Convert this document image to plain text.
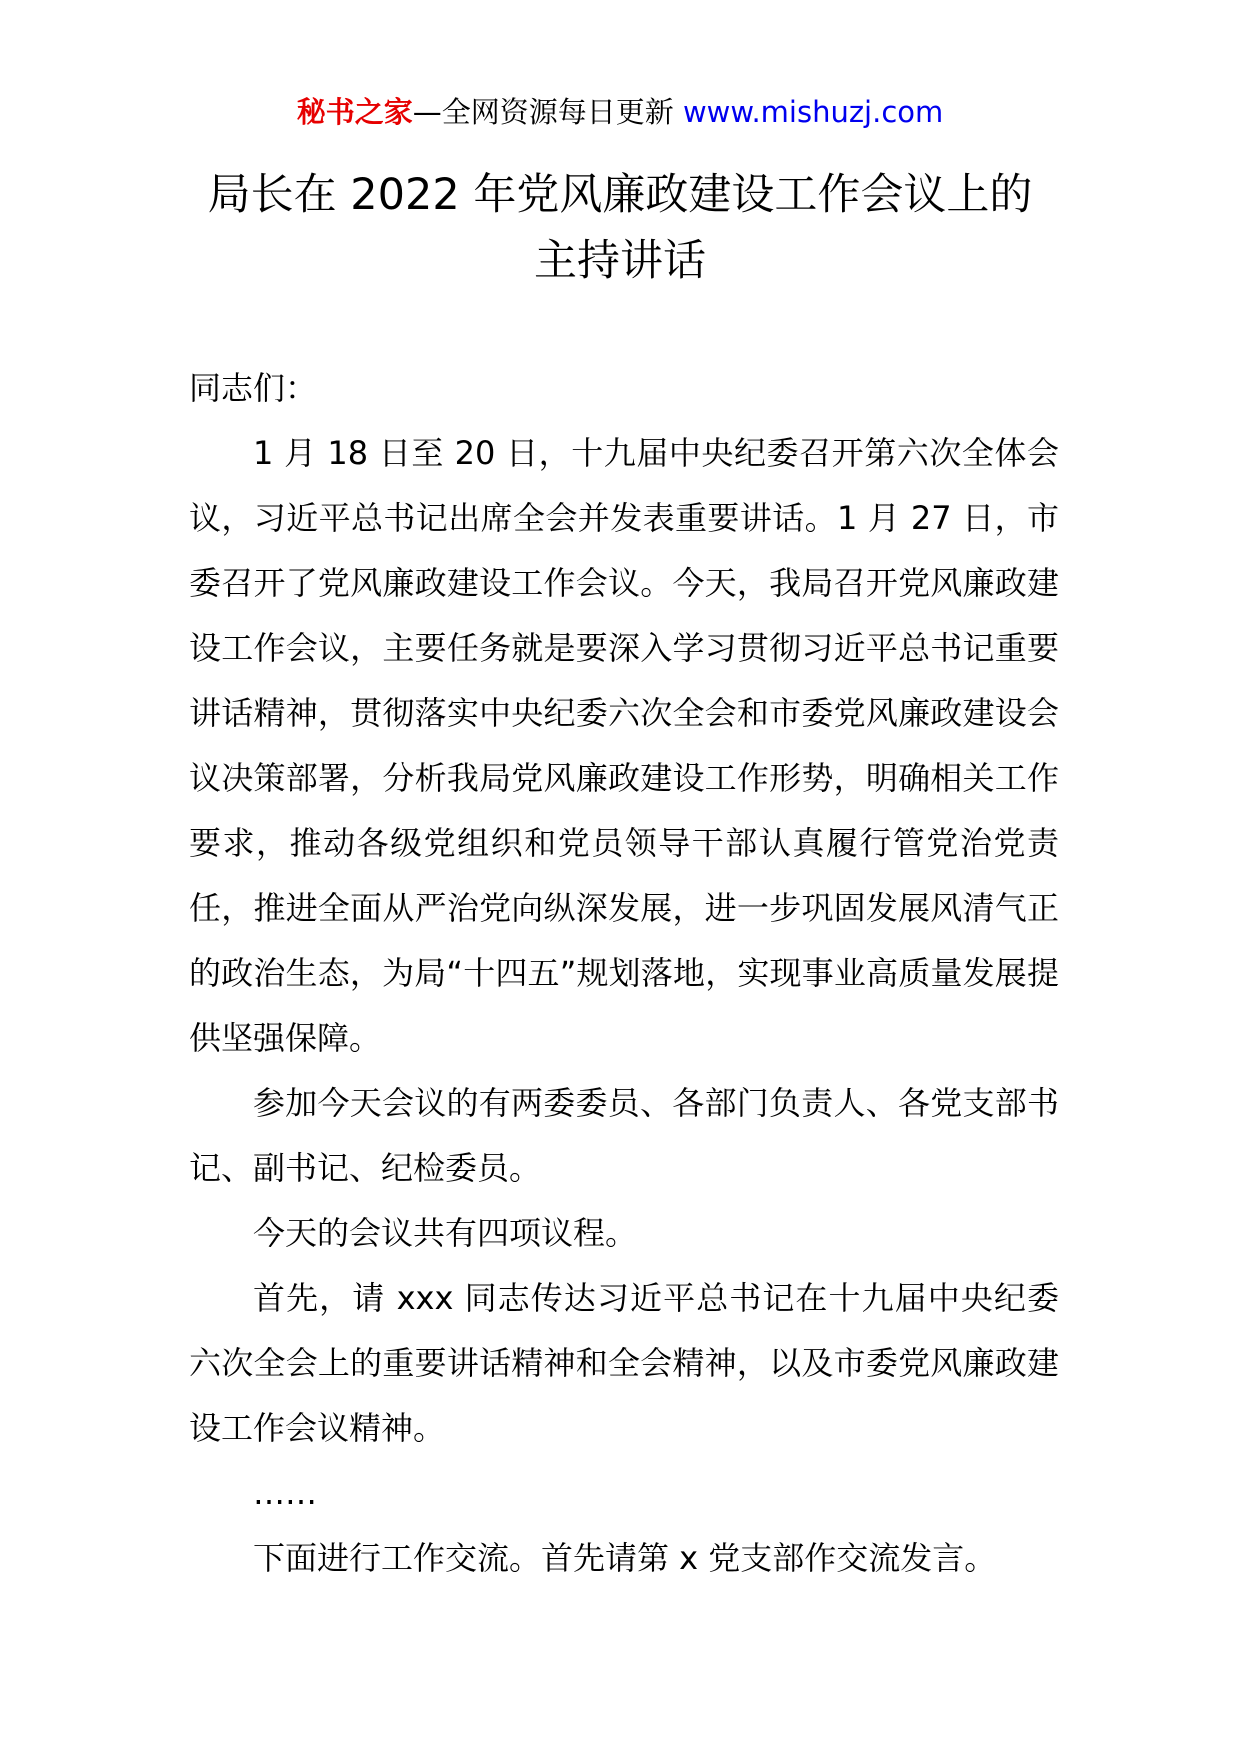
秘书之家—全网资源每日更新 www.mishuzj.com
局长在 2022 年党风廉政建设工作会议上的
主持讲话

同志们：

1 月 18 日至 20 日，十九届中央纪委召开第六次全体会议，习近平总书记出席全会并发表重要讲话。1 月 27 日，市委召开了党风廉政建设工作会议。今天，我局召开党风廉政建设工作会议，主要任务就是要深入学习贯彻习近平总书记重要讲话精神，贯彻落实中央纪委六次全会和市委党风廉政建设会议决策部署，分析我局党风廉政建设工作形势，明确相关工作要求，推动各级党组织和党员领导干部认真履行管党治党责任，推进全面从严治党向纵深发展，进一步巩固发展风清气正的政治生态，为局“十四五”规划落地，实现事业高质量发展提供坚强保障。

参加今天会议的有两委委员、各部门负责人、各党支部书记、副书记、纪检委员。

今天的会议共有四项议程。

首先，请 xxx 同志传达习近平总书记在十九届中央纪委六次全会上的重要讲话精神和全会精神，以及市委党风廉政建设工作会议精神。

……

下面进行工作交流。首先请第 x 党支部作交流发言。
